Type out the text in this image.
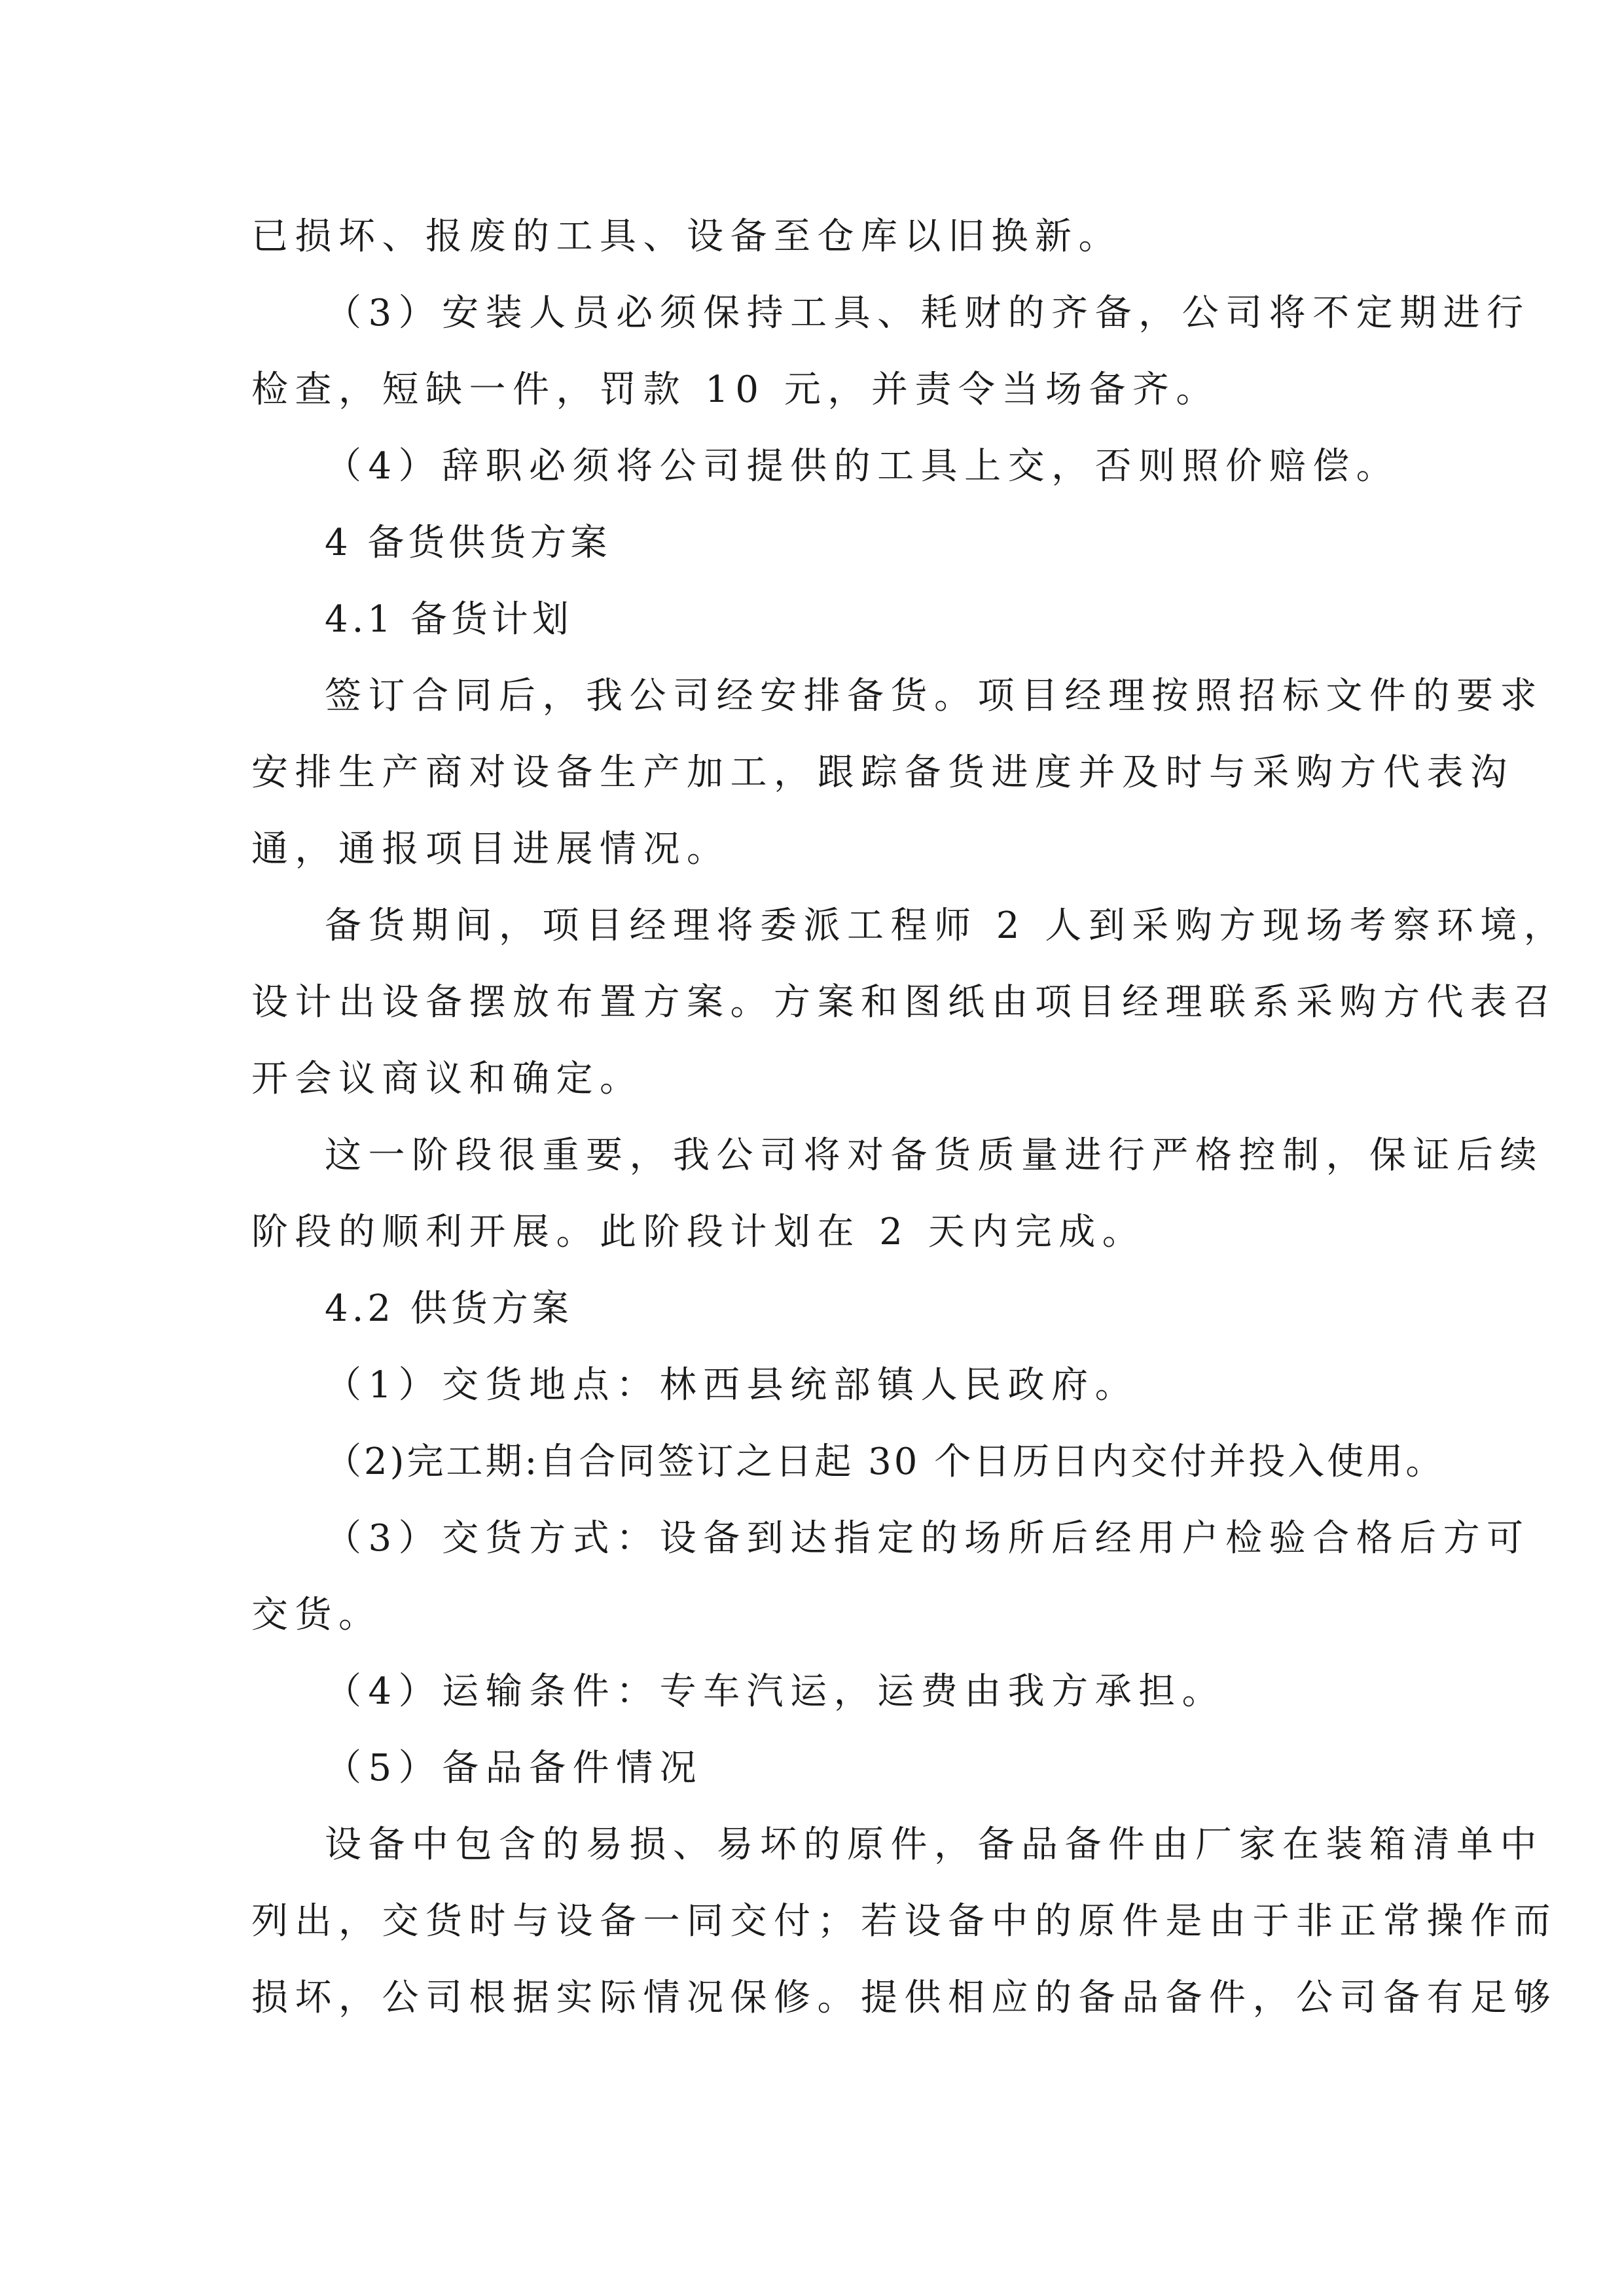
已损坏、报废的工具、设备至仓库以旧换新。
（3）安装人员必须保持工具、耗财的齐备，公司将不定期进行
检查，短缺一件，罚款 10 元，并责令当场备齐。
（4）辞职必须将公司提供的工具上交，否则照价赔偿。
4 备货供货方案
4.1 备货计划
签订合同后，我公司经安排备货。项目经理按照招标文件的要求
安排生产商对设备生产加工，跟踪备货进度并及时与采购方代表沟
通，通报项目进展情况。
备货期间，项目经理将委派工程师 2 人到采购方现场考察环境，
设计出设备摆放布置方案。方案和图纸由项目经理联系采购方代表召
开会议商议和确定。
这一阶段很重要，我公司将对备货质量进行严格控制，保证后续
阶段的顺利开展。此阶段计划在 2 天内完成。
4.2 供货方案
（1）交货地点：林西县统部镇人民政府。
（2)完工期:自合同签订之日起 30 个日历日内交付并投入使用。
（3）交货方式：设备到达指定的场所后经用户检验合格后方可
交货。
（4）运输条件：专车汽运，运费由我方承担。
（5）备品备件情况
设备中包含的易损、易坏的原件，备品备件由厂家在装箱清单中
列出，交货时与设备一同交付；若设备中的原件是由于非正常操作而
损坏，公司根据实际情况保修。提供相应的备品备件，公司备有足够
